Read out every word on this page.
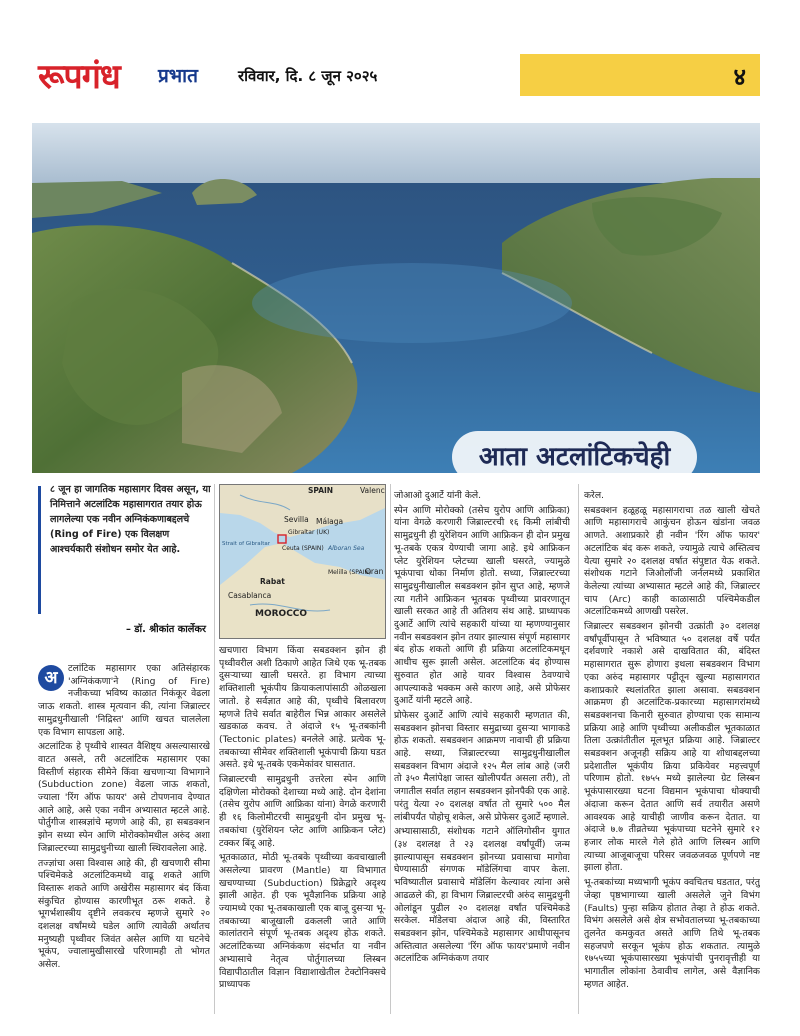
रूपगंध प्रभात	रविवार, दि. ८ जून २०२५	४
आता अटलांटिकचेही

८ जून हा जागतिक महासागर दिवस असून, या निमित्ताने अटलांटिक महासागरात तयार होऊ लागलेल्या एक नवीन अग्निकंकणाबद्दलचे (Ring of Fire) एक विलक्षण आश्चर्यकारी संशोधन समोर येत आहे.

– डॉ. श्रीकांत कार्लेकर

SPAIN	Valenc
Sevilla Málaga
Gibraltar (UK)
Strait of Gibraltar
Ceuta (SPAIN) Alboran Sea
Melilla (SPAIN)
Oran
Rabat
Casablanca
MOROCCO
अ	टलांटिक महासागर एका अतिसंहारक 'अग्निकंकणा'ने (Ring of Fire) नजीकच्या भविष्य काळात निकंकूर वेढला जाऊ शकतो. शास्त्र मृत्यवान की, त्यांना जिब्राल्टर सामुद्रधुनीखाली 'निद्रिस्त' आणि खचत चाललेला एक विभाग सापडला आहे.

अटलांटिक हे पृथ्वीचे शास्वत वैशिष्ट्य असल्यासारखे वाटत असले, तरी अटलांटिक महासागर एका विस्तीर्ण संहारक सीमेने किंवा खचणाऱ्या विभागाने (Subduction zone) वेढला जाऊ शकतो, ज्याला 'रिंग ऑफ फायर' असे टोपणनाव देण्यात आले आहे, असे एका नवीन अभ्यासात म्हटले आहे. पोर्तुगीज शास्त्रज्ञांचे म्हणणे आहे की, हा सबडक्शन झोन सध्या स्पेन आणि मोरोक्कोमधील अरुंद अशा जिब्राल्टरच्या सामुद्रधुनीच्या खाली स्थिरावलेला आहे.

तज्ज्ञांचा असा विश्वास आहे की, ही खचणारी सीमा पश्चिमेकडे अटलांटिकमध्ये वाढू शकते आणि विस्तारू शकते आणि अखेरीस महासागर बंद किंवा संकुचित होण्यास कारणीभूत ठरू शकते. हे भूगर्भशास्त्रीय दृष्टीने लवकरच म्हणजे सुमारे २० दशलक्ष वर्षांमध्ये घडेल आणि त्यावेळी अर्थातच मनुष्यही पृथ्वीवर जिवंत असेल आणि या घटनेचे भूकंप, ज्वालामुखीसारखे परिणामही तो भोगत असेल.

खचणारा विभाग किंवा सबडक्शन झोन ही पृथ्वीवरील अशी ठिकाणे आहेत जिथे एक भू-तबक दुसऱ्याच्या खाली घसरते. हा विभाग त्याच्या शक्तिशाली भूकंपीय क्रियाकलापांसाठी ओळखला जातो. हे सर्वज्ञात आहे की, पृथ्वीचे बिलावरण म्हणजे तिचे सर्वात बाहेरील भिन्न आकार असलेले खडकाळ कवच. ते अंदाजे १५ भू-तबकांनी (Tectonic plates) बनलेले आहे. प्रत्येक भू-तबकाच्या सीमेवर शक्तिशाली भूकंपाची क्रिया घडत असते. इथे भू-तबके एकमेकांवर घासतात.

जिब्राल्टरची सामुद्रधुनी उत्तरेला स्पेन आणि दक्षिणेला मोरोक्को देशाच्या मध्ये आहे. दोन देशांना (तसेच युरोप आणि आफ्रिका यांना) वेगळे करणारी ही १६ किलोमीटरची सामुद्रधुनी दोन प्रमुख भू-तबकांचा (युरेशियन प्लेट आणि आफ्रिकन प्लेट) टक्कर बिंदू आहे.

भूतकाळात, मोठी भू-तबके पृथ्वीच्या कवचाखाली असलेल्या प्रावरण (Mantle) या विभागात खचण्याच्या (Subduction) प्रिक्रेद्वारे अदृश्य झाली आहेत. ही एक भूवैज्ञानिक प्रक्रिया आहे ज्यामध्ये एका भू-तबकाखाली एक बाजू दुसऱ्या भू-तबकाच्या बाजूखाली ढकलली जाते आणि कालांतराने संपूर्ण भू-तबक अदृश्य होऊ शकते. अटलांटिकच्या अग्निकंकण संदर्भात या नवीन अभ्यासाचे नेतृत्व पोर्तुगालच्या लिस्बन विद्यापीठातील विज्ञान विद्याशाखेतील टेक्टोनिक्सचे प्राध्यापक

जोआओ दुआर्टे यांनी केले.

स्पेन आणि मोरोक्को (तसेच युरोप आणि आफ्रिका) यांना वेगळे करणारी जिब्राल्टरची १६ किमी लांबीची सामुद्रधुनी ही युरेशियन आणि आफ्रिकन ही दोन प्रमुख भू-तबके एकत्र येण्याची जागा आहे. इथे आफ्रिकन प्लेट युरेशियन प्लेटच्या खाली घसरते, ज्यामुळे भूकंपाचा धोका निर्माण होतो. सध्या, जिब्राल्टरच्या सामुद्रधुनीखालील सबडक्शन झोन सुप्त आहे, म्हणजे त्या गतीने आफ्रिकन भूतबक पृथ्वीच्या प्रावरणातून खाली सरकत आहे ती अतिशय संथ आहे. प्राध्यापक दुआर्टे आणि त्यांचे सहकारी यांच्या या म्हणण्यानुसार नवीन सबडक्शन झोन तयार झाल्यास संपूर्ण महासागर बंद होऊ शकतो आणि ही प्रक्रिया अटलांटिकमधून आधीच सुरू झाली असेल. अटलांटिक बंद होण्यास सुरुवात होत आहे यावर विश्वास ठेवण्याचे आपल्याकडे भक्कम असे कारण आहे, असे प्रोफेसर दुआर्टे यांनी म्हटले आहे.

प्रोफेसर दुआर्टे आणि त्यांचे सहकारी म्हणतात की, सबडक्शन झोनचा विस्तार समुद्राच्या दुसऱ्या भागाकडे होऊ शकतो. सबडक्शन आक्रमण नावाची ही प्रक्रिया आहे. सध्या, जिब्राल्टरच्या सामुद्रधुनीखालील सबडक्शन विभाग अंदाजे १२५ मैल लांब आहे (जरी तो ३५० मैलांपेक्षा जास्त खोलीपर्यंत असला तरी), तो जगातील सर्वात लहान सबडक्शन झोनपैकी एक आहे. परंतु येत्या २० दशलक्ष वर्षात तो सुमारे ५०० मैल लांबीपर्यंत पोहोचू शकेल, असे प्रोफेसर दुआर्टे म्हणाले.

अभ्यासासाठी, संशोधक गटाने ऑलिगोसीन युगात (३४ दशलक्ष ते २३ दशलक्ष वर्षांपूर्वी) जन्म झाल्यापासून सबडक्शन झोनच्या प्रवासाचा मागोवा घेण्यासाठी संगणक मॉडेलिंगचा वापर केला. भविष्यातील प्रवासाचे मॉडेलिंग केल्यावर त्यांना असे आढळले की, हा विभाग जिब्राल्टरची अरुंद सामुद्रधुनी ओलांडून पुढील २० दशलक्ष वर्षांत पश्चिमेकडे सरकेल. मॉडेलचा अंदाज आहे की, विस्तारित सबडक्शन झोन, पश्चिमेकडे महासागर आधीपासूनच अस्तित्वात असलेल्या 'रिंग ऑफ फायर'प्रमाणे नवीन अटलांटिक अग्निकंकण तयार

करेल.

सबडक्शन हळूहळू महासागराचा तळ खाली खेचते आणि महासागराचे आकुंचन होऊन खंडांना जवळ आणते. अशाप्रकारे ही नवीन 'रिंग ऑफ फायर' अटलांटिक बंद करू शकते, ज्यामुळे त्याचे अस्तित्वच येत्या सुमारे २० दशलक्ष वर्षात संपुष्टात येऊ शकते. संशोधक गटाने जिओलॉजी जर्नलमध्ये प्रकाशित केलेल्या त्यांच्या अभ्यासात म्हटले आहे की, जिब्राल्टर चाप (Arc) काही काळासाठी पश्चिमेकडील अटलांटिकमध्ये आणखी पसरेल.

जिब्राल्टर सबडक्शन झोनची उत्क्रांती ३० दशलक्ष वर्षांपूर्वीपासून ते भविष्यात ५० दशलक्ष वर्षे पर्यंत दर्शवणारे नकाशे असे दाखवितात की, बंदिस्त महासागरात सुरू होणारा इथला सबडक्शन विभाग एका अरुंद महासागर पट्टीतून खुल्या महासागरात कशाप्रकारे स्थलांतरित झाला असावा. सबडक्शन आक्रमण ही अटलांटिक-प्रकारच्या महासागरांमध्ये सबडक्शनचा किनारी सुरुवात होण्याचा एक सामान्य प्रक्रिया आहे आणि पृथ्वीच्या अलीकडील भूतकाळात तिला उत्क्रांतीतील मूलभूत प्रक्रिया आहे. जिब्राल्टर सबडक्शन अजूनही सक्रिय आहे या शोधाबद्दलच्या प्रदेशातील भूकंपीय क्रिया प्रकियेवर महत्त्वपूर्ण परिणाम होतो. १७५५ मध्ये झालेल्या ग्रेट लिस्बन भूकंपासारख्या घटना विद्यमान भूकंपाचा धोक्याची अंदाजा करून देतात आणि सर्व तयारीत असणे आवश्यक आहे याचीही जाणीव करून देतात. या अंदाजे ७.७ तीव्रतेच्या भूकंपाच्या घटनेने सुमारे १२ हजार लोक मारले गेले होते आणि लिस्बन आणि त्याच्या आजूबाजूचा परिसर जवळजवळ पूर्णपणे नष्ट झाला होता.

भू-तबकांच्या मध्यभागी भूकंप क्वचितच घडतात, परंतु जेव्हा पृष्ठभागाच्या खाली असलेले जुने विभंग (Faults) पुन्हा सक्रिय होतात तेव्हा ते होऊ शकते. विभंग असलेले असे क्षेत्र सभोवतालच्या भू-तबकाच्या तुलनेत कमकुवत असते आणि तिथे भू-तबक सहजपणे सरकून भूकंप होऊ शकतात. त्यामुळे १७५५च्या भूकंपासारख्या भूकंपांची पुनरावृत्तीही या भागातील लोकांना ठेवावीच लागेल, असे वैज्ञानिक म्हणत आहेत.
